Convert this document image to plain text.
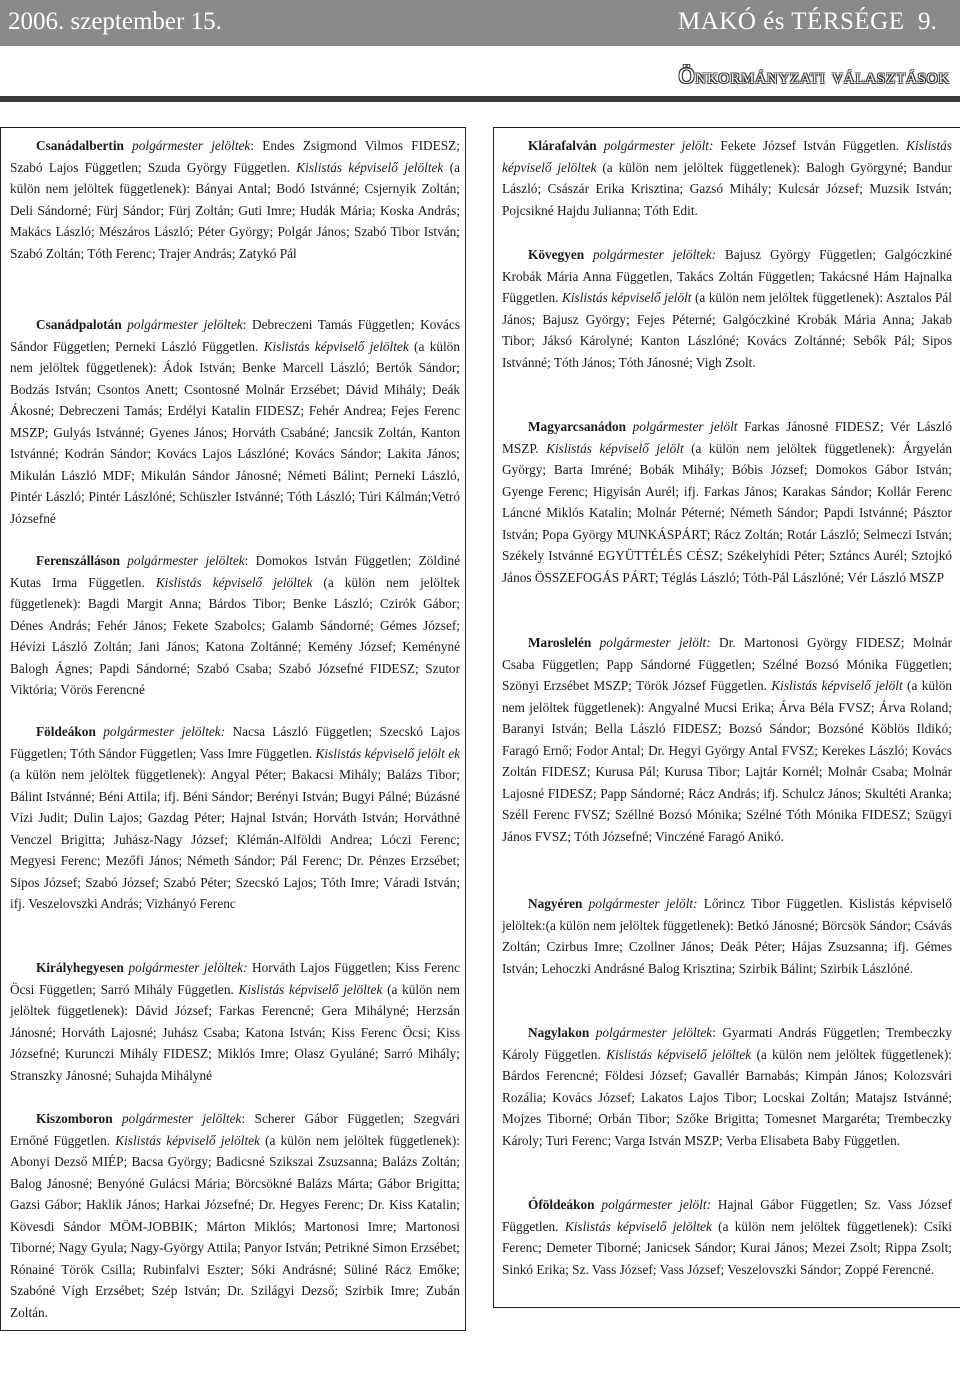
2006. szeptember 15.	MAKÓ és TÉRSÉGE 9.
Önkormányzati választások

Csanádalbertin polgármester jelöltek: Endes Zsigmond Vilmos FIDESZ; Szabó Lajos Független; Szuda György Független. Kislistás képviselő jelöltek (a külön nem jelöltek függetlenek): Bányai Antal; Bodó Istvánné; Csjernyik Zoltán; Deli Sándorné; Fürj Sándor; Fürj Zoltán; Guti Imre; Hudák Mária; Koska András; Makács László; Mészáros László; Péter György; Polgár János; Szabó Tibor István; Szabó Zoltán; Tóth Ferenc; Trajer András; Zatykó Pál

Csanádpalotán polgármester jelöltek: Debreczeni Tamás Független; Kovács Sándor Független; Perneki László Független. Kislistás képviselő jelöltek (a külön nem jelöltek függetlenek): Ádok István; Benke Marcell László; Bertók Sándor; Bodzás István; Csontos Anett; Csontosné Molnár Erzsébet; Dávid Mihály; Deák Ákosné; Debreczeni Tamás; Erdélyi Katalin FIDESZ; Fehér Andrea; Fejes Ferenc MSZP; Gulyás Istvánné; Gyenes János; Horváth Csabáné; Jancsik Zoltán, Kanton Istvánné; Kodrán Sándor; Kovács Lajos Lászlóné; Kovács Sándor; Lakita János; Mikulán László MDF; Mikulán Sándor Jánosné; Németi Bálint; Perneki László, Pintér László; Pintér Lászlóné; Schüszler Istvánné; Tóth László; Túri Kálmán;Vetró Józsefné

Ferenszálláson polgármester jelöltek: Domokos István Független; Zöldiné Kutas Irma Független. Kislistás képviselő jelöltek (a külön nem jelöltek függetlenek): Bagdi Margit Anna; Bárdos Tibor; Benke László; Czirók Gábor; Dénes András; Fehér János; Fekete Szabolcs; Galamb Sándorné; Gémes József; Hévízi László Zoltán; Jani János; Katona Zoltánné; Kemény József; Keményné Balogh Ágnes; Papdi Sándorné; Szabó Csaba; Szabó Józsefné FIDESZ; Szutor Viktória; Vörös Ferencné

Földeákon polgármester jelöltek: Nacsa László Független; Szecskó Lajos Független; Tóth Sándor Független; Vass Imre Független. Kislistás képviselő jelölt ek (a külön nem jelöltek függetlenek): Angyal Péter; Bakacsi Mihály; Balázs Tibor; Bálint Istvánné; Béni Attila; ifj. Béni Sándor; Berényi István; Bugyi Pálné; Búzásné Vízi Judit; Dulin Lajos; Gazdag Péter; Hajnal István; Horváth István; Horváthné Venczel Brigitta; Juhász-Nagy József; Klémán-Alföldi Andrea; Lóczi Ferenc; Megyesi Ferenc; Mezőfi János; Németh Sándor; Pál Ferenc; Dr. Pénzes Erzsébet; Sipos József; Szabó József; Szabó Péter; Szecskó Lajos; Tóth Imre; Váradi István; ifj. Veszelovszki András; Vizhányó Ferenc

Királyhegyesen polgármester jelöltek: Horváth Lajos Független; Kiss Ferenc Öcsi Független; Sarró Mihály Független. Kislistás képviselő jelöltek (a külön nem jelöltek függetlenek): Dávid József; Farkas Ferencné; Gera Mihályné; Herzsán Jánosné; Horváth Lajosné; Juhász Csaba; Katona István; Kiss Ferenc Öcsi; Kiss Józsefné; Kurunczi Mihály FIDESZ; Miklós Imre; Olasz Gyuláné; Sarró Mihály; Stranszky Jánosné; Suhajda Mihályné

Kiszomboron polgármester jelöltek: Scherer Gábor Független; Szegvári Ernőné Független. Kislistás képviselő jelöltek (a külön nem jelöltek függetlenek): Abonyi Dezső MIÉP; Bacsa György; Badicsné Szikszai Zsuzsanna; Balázs Zoltán; Balog Jánosné; Benyóné Gulácsi Mária; Börcsökné Balázs Márta; Gábor Brigitta; Gazsi Gábor; Haklik János; Harkai Józsefné; Dr. Hegyes Ferenc; Dr. Kiss Katalin; Kövesdi Sándor MÖM-JOBBIK; Márton Miklós; Martonosi Imre; Martonosi Tiborné; Nagy Gyula; Nagy-György Attila; Panyor István; Petrikné Simon Erzsébet; Rónainé Török Csilla; Rubinfalvi Eszter; Sóki Andrásné; Süliné Rácz Emőke; Szabóné Vígh Erzsébet; Szép István; Dr. Szilágyi Dezső; Szirbik Imre; Zubán Zoltán.

Klárafalván polgármester jelölt: Fekete József István Független. Kislistás képviselő jelöltek (a külön nem jelöltek függetlenek): Balogh Györgyné; Bandur László; Császár Erika Krisztina; Gazsó Mihály; Kulcsár József; Muzsik István; Pojcsikné Hajdu Julianna; Tóth Edit.

Kövegyen polgármester jelöltek: Bajusz György Független; Galgóczkiné Krobák Mária Anna Független, Takács Zoltán Független; Takácsné Hám Hajnalka Független. Kislistás képviselő jelölt (a külön nem jelöltek függetlenek): Asztalos Pál János; Bajusz György; Fejes Péterné; Galgóczkiné Krobák Mária Anna; Jakab Tibor; Jáksó Károlyné; Kanton Lászlóné; Kovács Zoltánné; Sebők Pál; Sipos Istvánné; Tóth János; Tóth Jánosné; Vigh Zsolt.

Magyarcsanádon polgármester jelölt Farkas Jánosné FIDESZ; Vér László MSZP. Kislistás képviselő jelölt (a külön nem jelöltek függetlenek): Árgyelán György; Barta Imréné; Bobák Mihály; Bóbis József; Domokos Gábor István; Gyenge Ferenc; Higyisán Aurél; ifj. Farkas János; Karakas Sándor; Kollár Ferenc Láncné Miklós Katalin; Molnár Péterné; Németh Sándor; Papdi Istvánné; Pásztor István; Popa György MUNKÁSPÁRT; Rácz Zoltán; Rotár László; Selmeczi István; Székely Istvánné EGYÜTTÉLÉS CÉSZ; Székelyhidi Péter; Sztáncs Aurél; Sztojkó János ÖSSZEFOGÁS PÁRT; Téglás László; Tóth-Pál Lászlóné; Vér László MSZP

Maroslelén polgármester jelölt: Dr. Martonosi György FIDESZ; Molnár Csaba Független; Papp Sándorné Független; Szélné Bozsó Mónika Független; Szönyi Erzsébet MSZP; Török József Független. Kislistás képviselő jelölt (a külön nem jelöltek függetlenek): Angyalné Mucsi Erika; Árva Béla FVSZ; Árva Roland; Baranyi István; Bella László FIDESZ; Bozsó Sándor; Bozsóné Köblös Ildikó; Faragó Ernő; Fodor Antal; Dr. Hegyi György Antal FVSZ; Kerekes László; Kovács Zoltán FIDESZ; Kurusa Pál; Kurusa Tibor; Lajtár Kornél; Molnár Csaba; Molnár Lajosné FIDESZ; Papp Sándorné; Rácz András; ifj. Schulcz János; Skultéti Aranka; Széll Ferenc FVSZ; Széllné Bozsó Mónika; Szélné Tóth Mónika FIDESZ; Szügyi János FVSZ; Tóth Józsefné; Vinczéné Faragó Anikó.

Nagyéren polgármester jelölt: Lőrincz Tibor Független. Kislistás képviselő jelöltek:(a külön nem jelöltek függetlenek): Betkó Jánosné; Börcsök Sándor; Csávás Zoltán; Czirbus Imre; Czollner János; Deák Péter; Hájas Zsuzsanna; ifj. Gémes István; Lehoczki Andrásné Balog Krisztina; Szirbik Bálint; Szirbik Lászlóné.

Nagylakon polgármester jelöltek: Gyarmati András Független; Trembeczky Károly Független. Kislistás képviselő jelöltek (a külön nem jelöltek függetlenek): Bárdos Ferencné; Földesi József; Gavallér Barnabás; Kimpán János; Kolozsvári Rozália; Kovács József; Lakatos Lajos Tibor; Locskai Zoltán; Matajsz Istvánné; Mojzes Tiborné; Orbán Tibor; Szőke Brigitta; Tomesnet Margaréta; Trembeczky Károly; Turi Ferenc; Varga István MSZP; Verba Elisabeta Baby Független.

Óföldeákon polgármester jelölt: Hajnal Gábor Független; Sz. Vass József Független. Kislistás képviselő jelöltek (a külön nem jelöltek függetlenek): Csíki Ferenc; Demeter Tiborné; Janicsek Sándor; Kurai János; Mezei Zsolt; Rippa Zsolt; Sinkó Erika; Sz. Vass József; Vass József; Veszelovszki Sándor; Zoppé Ferencné.
